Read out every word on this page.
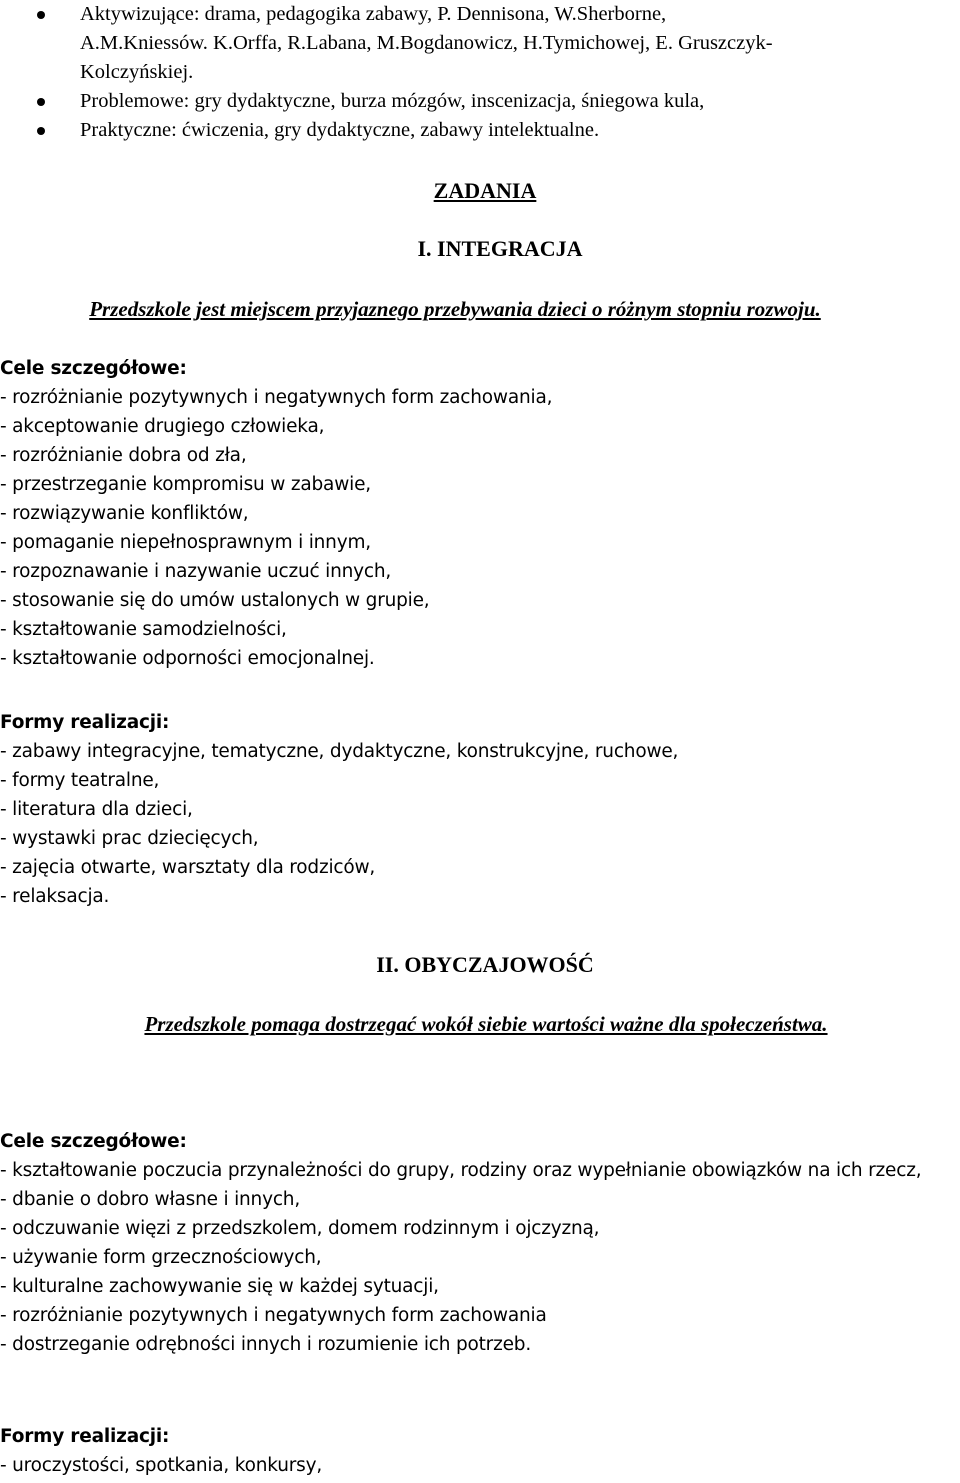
Aktywizujące: drama, pedagogika zabawy, P. Dennisona, W.Sherborne,
A.M.Kniessów. K.Orffa, R.Labana, M.Bogdanowicz, H.Tymichowej, E. Gruszczyk-
Kolczyńskiej.
Problemowe: gry dydaktyczne, burza mózgów, inscenizacja, śniegowa kula,
Praktyczne: ćwiczenia, gry dydaktyczne, zabawy intelektualne.
ZADANIA
I. INTEGRACJA
Przedszkole jest miejscem przyjaznego przebywania dzieci o różnym stopniu rozwoju.
Cele szczegółowe:
- rozróżnianie pozytywnych i negatywnych form zachowania,
- akceptowanie drugiego człowieka,
- rozróżnianie dobra od zła,
- przestrzeganie kompromisu w zabawie,
- rozwiązywanie konfliktów,
- pomaganie niepełnosprawnym i innym,
- rozpoznawanie i nazywanie uczuć innych,
- stosowanie się do umów ustalonych w grupie,
- kształtowanie samodzielności,
- kształtowanie odporności emocjonalnej.
Formy realizacji:
- zabawy integracyjne, tematyczne, dydaktyczne, konstrukcyjne, ruchowe,
- formy teatralne,
- literatura dla dzieci,
- wystawki prac dziecięcych,
- zajęcia otwarte, warsztaty dla rodziców,
- relaksacja.
II. OBYCZAJOWOŚĆ
Przedszkole pomaga dostrzegać wokół siebie wartości ważne dla społeczeństwa.
Cele szczegółowe:
- kształtowanie poczucia przynależności do grupy, rodziny oraz wypełnianie obowiązków na ich rzecz,
- dbanie o dobro własne i innych,
- odczuwanie więzi z przedszkolem, domem rodzinnym i ojczyzną,
- używanie form grzecznościowych,
- kulturalne zachowywanie się w każdej sytuacji,
- rozróżnianie pozytywnych i negatywnych form zachowania
- dostrzeganie odrębności innych i rozumienie ich potrzeb.
Formy realizacji:
- uroczystości, spotkania, konkursy,
